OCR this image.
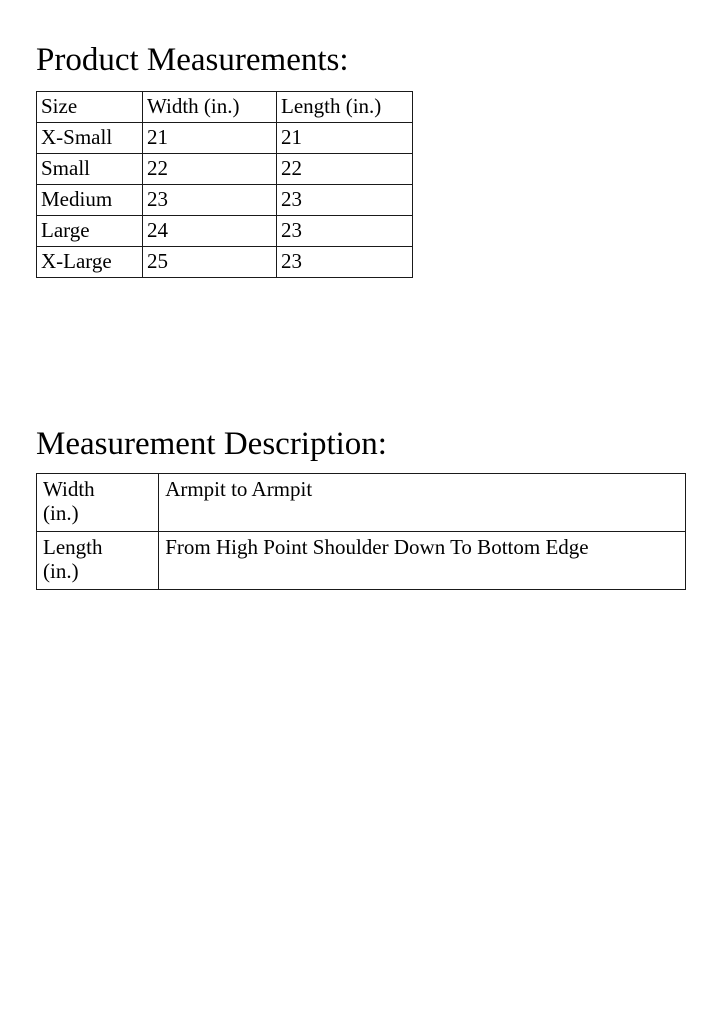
Product Measurements:
Size	Width (in.)	Length (in.)
X-Small	21	21
Small	22	22
Medium	23	23
Large	24	23
X-Large	25	23
Measurement Description:
Width
(in.)	Armpit to Armpit

Length
(in.)	From High Point Shoulder Down To Bottom Edge
